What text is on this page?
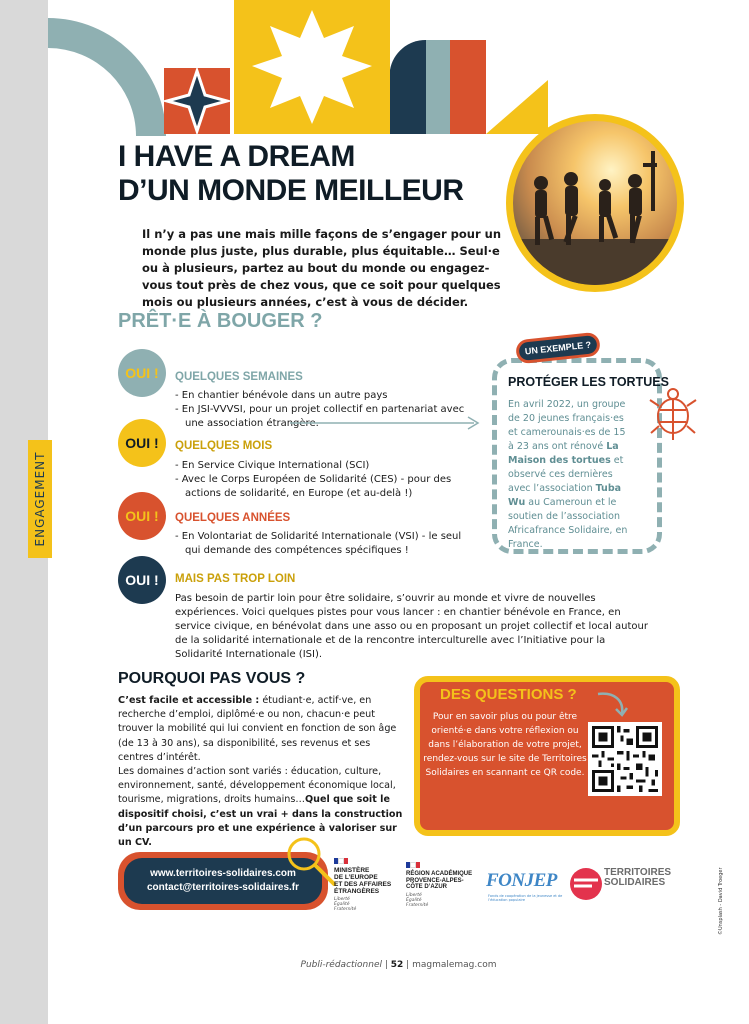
ENGAGEMENT
I HAVE A DREAM
D’UN MONDE MEILLEUR

Il n’y a pas une mais mille façons de s’engager pour un monde plus juste, plus durable, plus équitable… Seul·e ou à plusieurs, partez au bout du monde ou engagez-vous tout près de chez vous, que ce soit pour quelques mois ou plusieurs années, c’est à vous de décider.

PRÊT·E À BOUGER ?
OUI !	QUELQUES SEMAINES
- En chantier bénévole dans un autre pays
- En JSI-VVVSI, pour un projet collectif en partenariat avec une association étrangère.
OUI !	QUELQUES MOIS
- En Service Civique International (SCI)
- Avec le Corps Européen de Solidarité (CES) - pour des actions de solidarité, en Europe (et au-delà !)
OUI !	QUELQUES ANNÉES
- En Volontariat de Solidarité Internationale (VSI) - le seul qui demande des compétences spécifiques !
OUI !	MAIS PAS TROP LOIN

Pas besoin de partir loin pour être solidaire, s’ouvrir au monde et vivre de nouvelles expériences. Voici quelques pistes pour vous lancer : en chantier bénévole en France, en service civique, en bénévolat dans une asso ou en proposant un projet collectif et local autour de la solidarité internationale et de la rencontre interculturelle avec l’Initiative pour la Solidarité Internationale (ISI).

UN EXEMPLE ?
PROTÉGER LES TORTUES

En avril 2022, un groupe de 20 jeunes français·es et camerounais·es de 15 à 23 ans ont rénové La Maison des tortues et observé ces dernières avec l’association Tuba Wu au Cameroun et le soutien de l’association Africafrance Solidaire, en France.

POURQUOI PAS VOUS ?

C’est facile et accessible : étudiant·e, actif·ve, en recherche d’emploi, diplômé·e ou non, chacun·e peut trouver la mobilité qui lui convient en fonction de son âge (de 13 à 30 ans), sa disponibilité, ses revenus et ses centres d’intérêt.
Les domaines d’action sont variés : éducation, culture, environnement, santé, développement économique local, tourisme, migrations, droits humains…Quel que soit le dispositif choisi, c’est un vrai + dans la construction d’un parcours pro et une expérience à valoriser sur un CV.

DES QUESTIONS ?

Pour en savoir plus ou pour être orienté·e dans votre réflexion ou dans l’élaboration de votre projet, rendez-vous sur le site de Territoires Solidaires en scannant ce QR code.

www.territoires-solidaires.com
contact@territoires-solidaires.fr
MINISTÈRE
DE L’EUROPE
ET DES AFFAIRES
ÉTRANGÈRES
Liberté
Égalité
Fraternité
RÉGION ACADÉMIQUE
PROVENCE-ALPES-
CÔTE D’AZUR
Liberté
Égalité
Fraternité
FONJEP
Fonds de coopération de la jeunesse et de l’éducation populaire
TERRITOIRES
SOLIDAIRES	©Unsplash - David Troeger
Publi-rédactionnel | 52 | magmalemag.com
